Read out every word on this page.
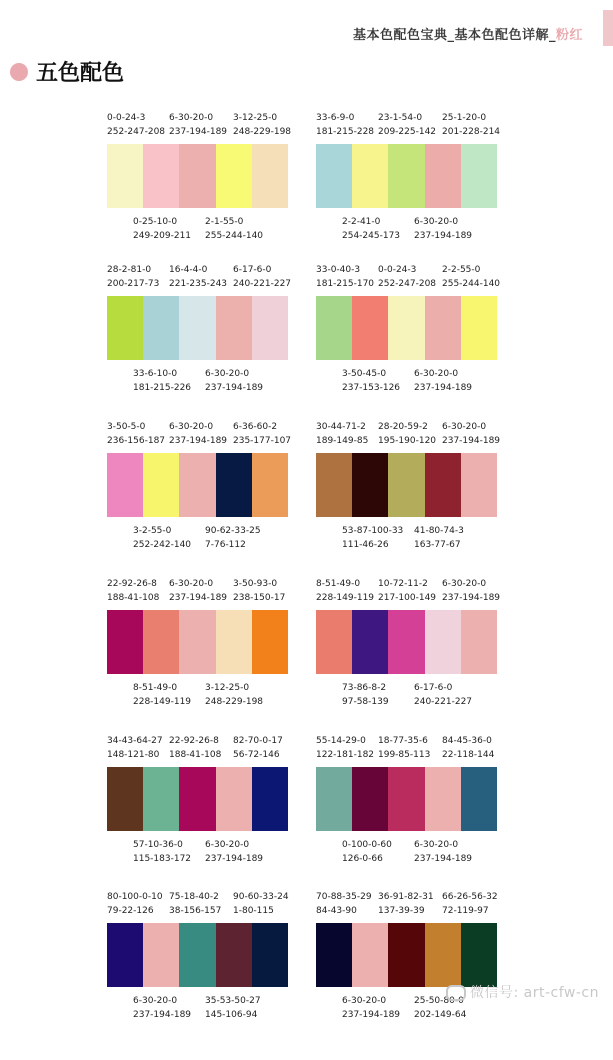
基本色配色宝典_基本色配色详解_粉红
五色配色
0-0-24-3
252-247-208
6-30-20-0
237-194-189
3-12-25-0
248-229-198
0-25-10-0
249-209-211
2-1-55-0
255-244-140
33-6-9-0
181-215-228
23-1-54-0
209-225-142
25-1-20-0
201-228-214
2-2-41-0
254-245-173
6-30-20-0
237-194-189
28-2-81-0
200-217-73
16-4-4-0
221-235-243
6-17-6-0
240-221-227
33-6-10-0
181-215-226
6-30-20-0
237-194-189
33-0-40-3
181-215-170
0-0-24-3
252-247-208
2-2-55-0
255-244-140
3-50-45-0
237-153-126
6-30-20-0
237-194-189
3-50-5-0
236-156-187
6-30-20-0
237-194-189
6-36-60-2
235-177-107
3-2-55-0
252-242-140
90-62-33-25
7-76-112
30-44-71-2
189-149-85
28-20-59-2
195-190-120
6-30-20-0
237-194-189
53-87-100-33
111-46-26
41-80-74-3
163-77-67
22-92-26-8
188-41-108
6-30-20-0
237-194-189
3-50-93-0
238-150-17
8-51-49-0
228-149-119
3-12-25-0
248-229-198
8-51-49-0
228-149-119
10-72-11-2
217-100-149
6-30-20-0
237-194-189
73-86-8-2
97-58-139
6-17-6-0
240-221-227
34-43-64-27
148-121-80
22-92-26-8
188-41-108
82-70-0-17
56-72-146
57-10-36-0
115-183-172
6-30-20-0
237-194-189
55-14-29-0
122-181-182
18-77-35-6
199-85-113
84-45-36-0
22-118-144
0-100-0-60
126-0-66
6-30-20-0
237-194-189
80-100-0-10
79-22-126
75-18-40-2
38-156-157
90-60-33-24
1-80-115
6-30-20-0
237-194-189
35-53-50-27
145-106-94
70-88-35-29
84-43-90
36-91-82-31
137-39-39
66-26-56-32
72-119-97
6-30-20-0
237-194-189
25-50-80-0
202-149-64
微信号: art-cfw-cn
